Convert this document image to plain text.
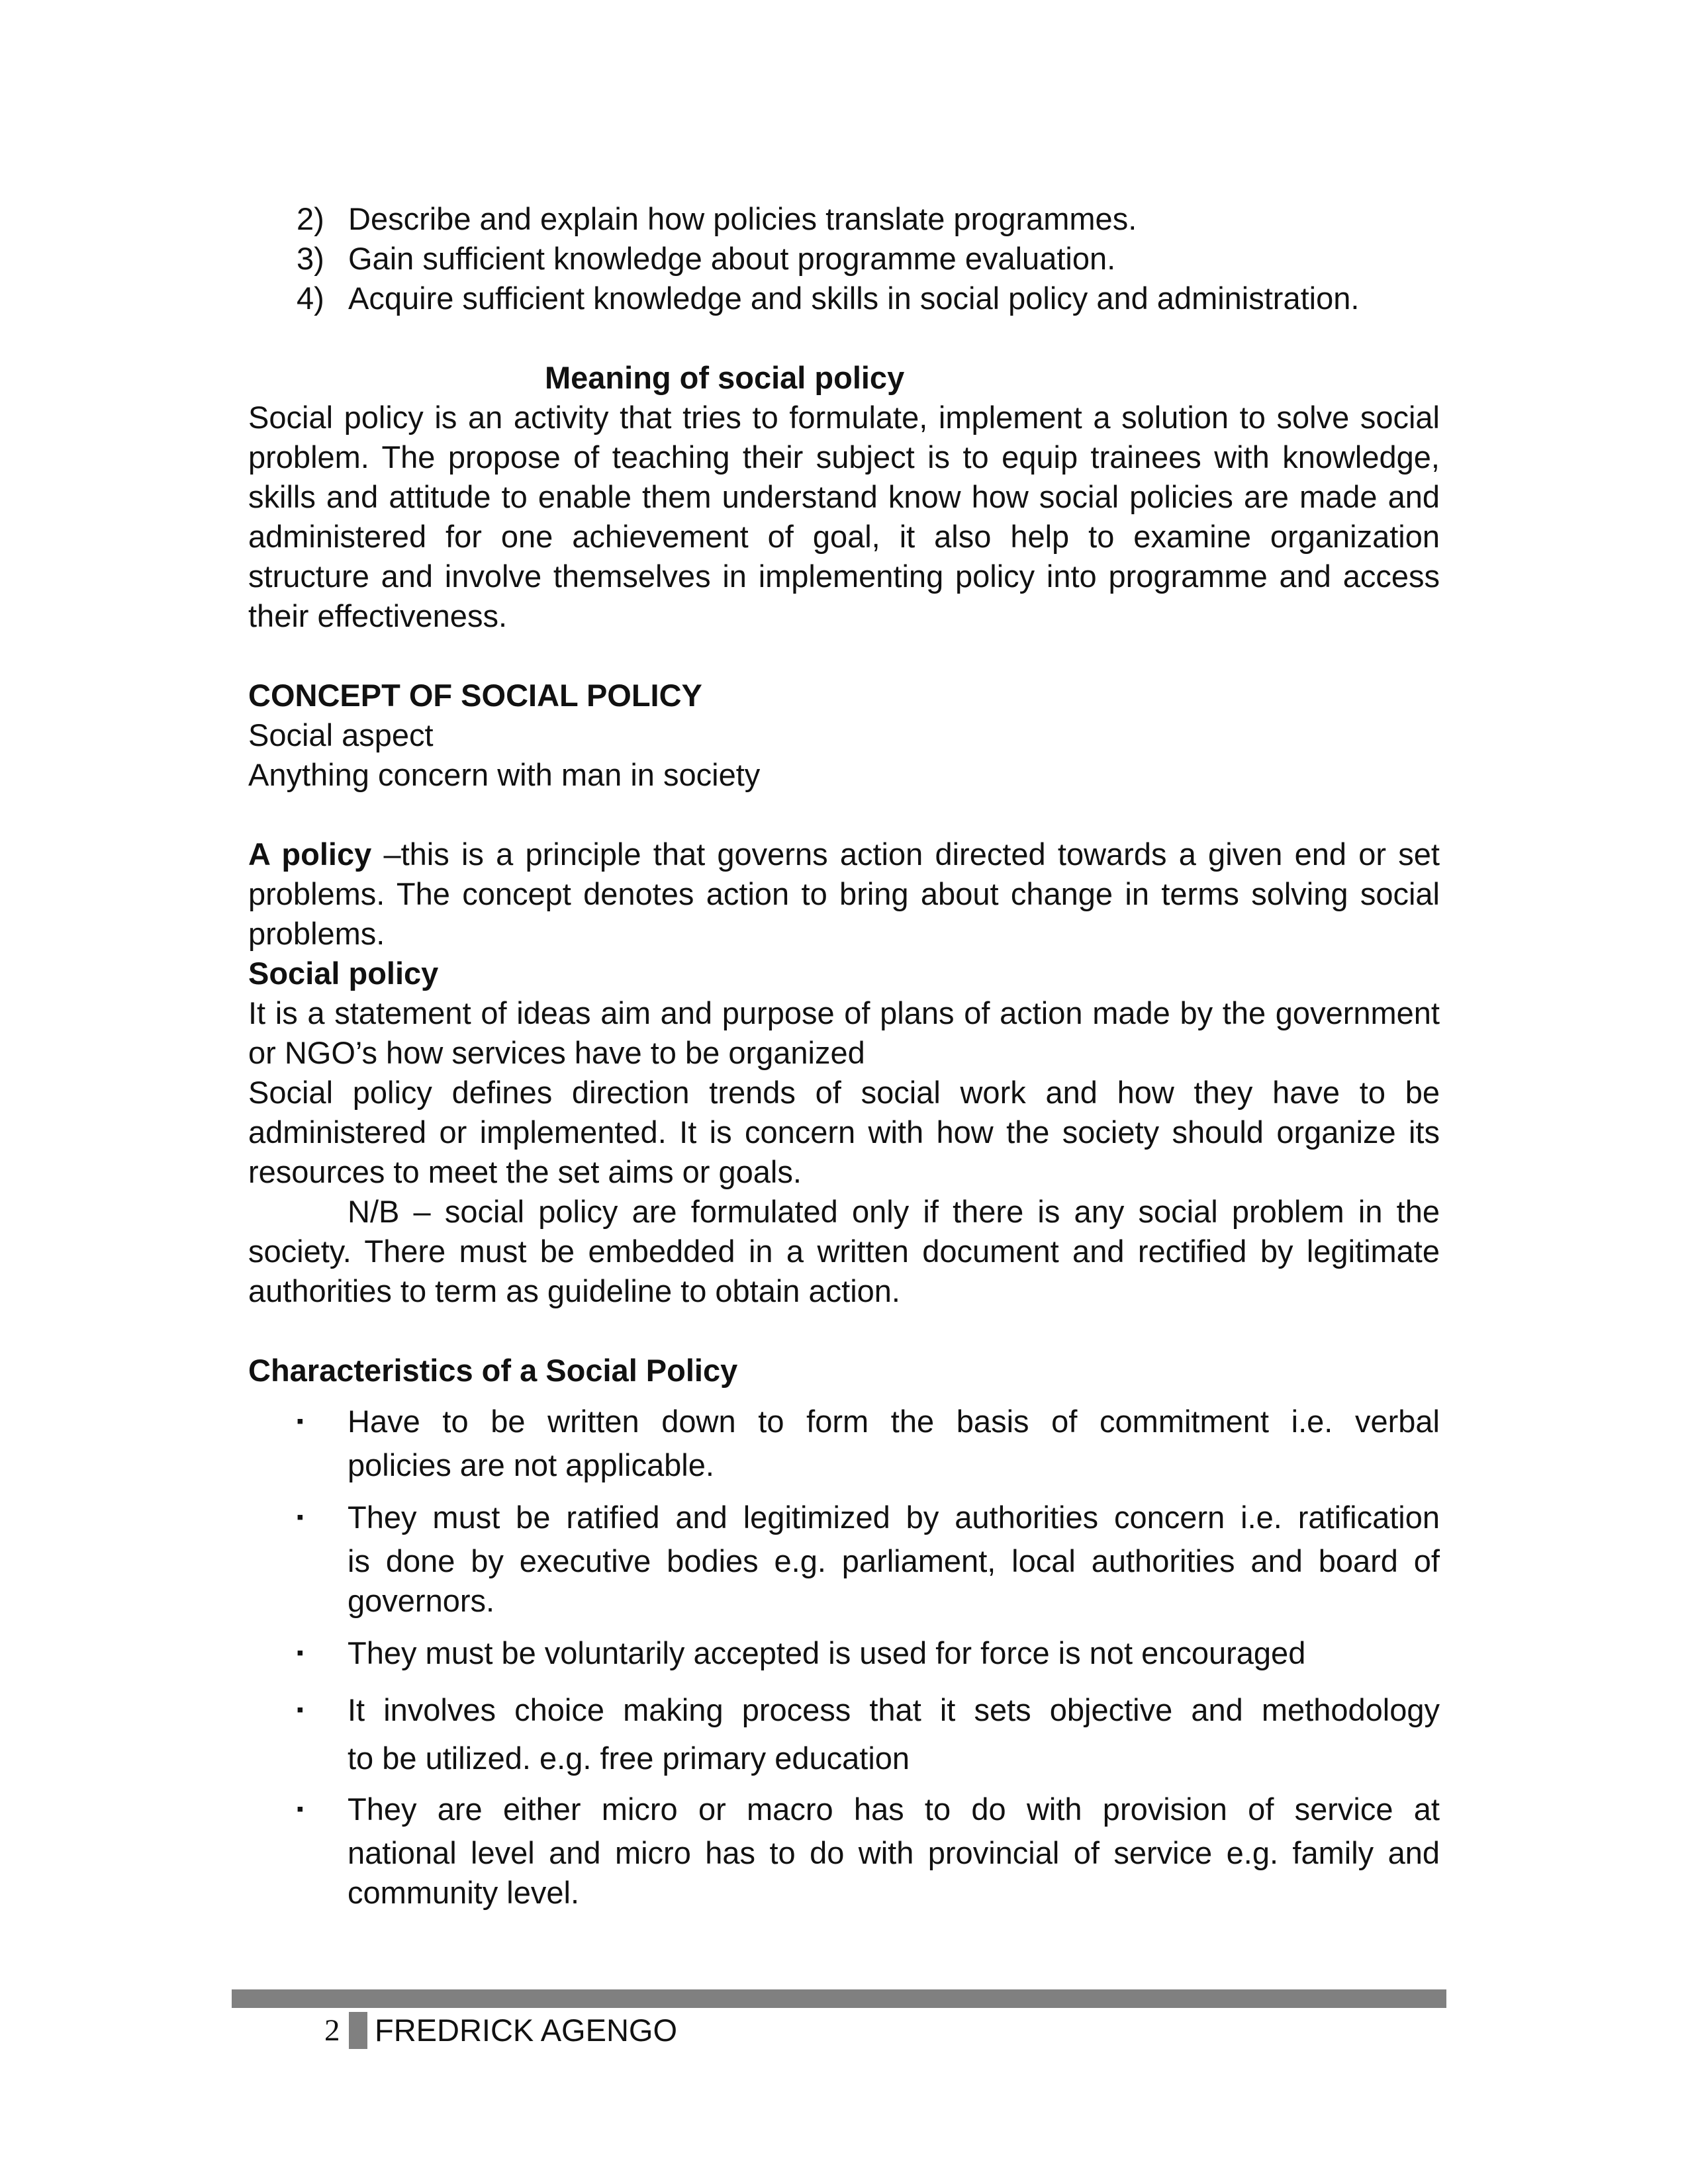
2) Describe and explain how policies translate programmes.
3) Gain sufficient knowledge about programme evaluation.
4) Acquire sufficient knowledge and skills in social policy and administration.
Meaning of social policy
Social policy is an activity that tries to formulate, implement a solution to solve social problem. The propose of teaching their subject is to equip trainees with knowledge, skills and attitude to enable them understand know how social policies are made and administered for one achievement of goal, it also help to examine organization structure and involve themselves in implementing policy into programme and access their effectiveness.
CONCEPT OF SOCIAL POLICY
Social aspect
Anything concern with man in society
A policy –this is a principle that governs action directed towards a given end or set problems. The concept denotes action to bring about change in terms solving social problems.
Social policy
It is a statement of ideas aim and purpose of plans of action made by the government or NGO’s how services have to be organized
Social policy defines direction trends of social work and how they have to be administered or implemented. It is concern with how the society should organize its resources to meet the set aims or goals.
N/B – social policy are formulated only if there is any social problem in the society. There must be embedded in a written document and rectified by legitimate authorities to term as guideline to obtain action.
Characteristics of a Social Policy
▪	Have to be written down to form the basis of commitment i.e. verbal
policies are not applicable.
▪	They must be ratified and legitimized by authorities concern i.e. ratification
is done by executive bodies e.g. parliament, local authorities and board of governors.
▪	They must be voluntarily accepted is used for force is not encouraged
▪	It involves choice making process that it sets objective and methodology
to be utilized. e.g. free primary education
▪	They are either micro or macro has to do with provision of service at
national level and micro has to do with provincial of service e.g. family and community level.
2 FREDRICK AGENGO
